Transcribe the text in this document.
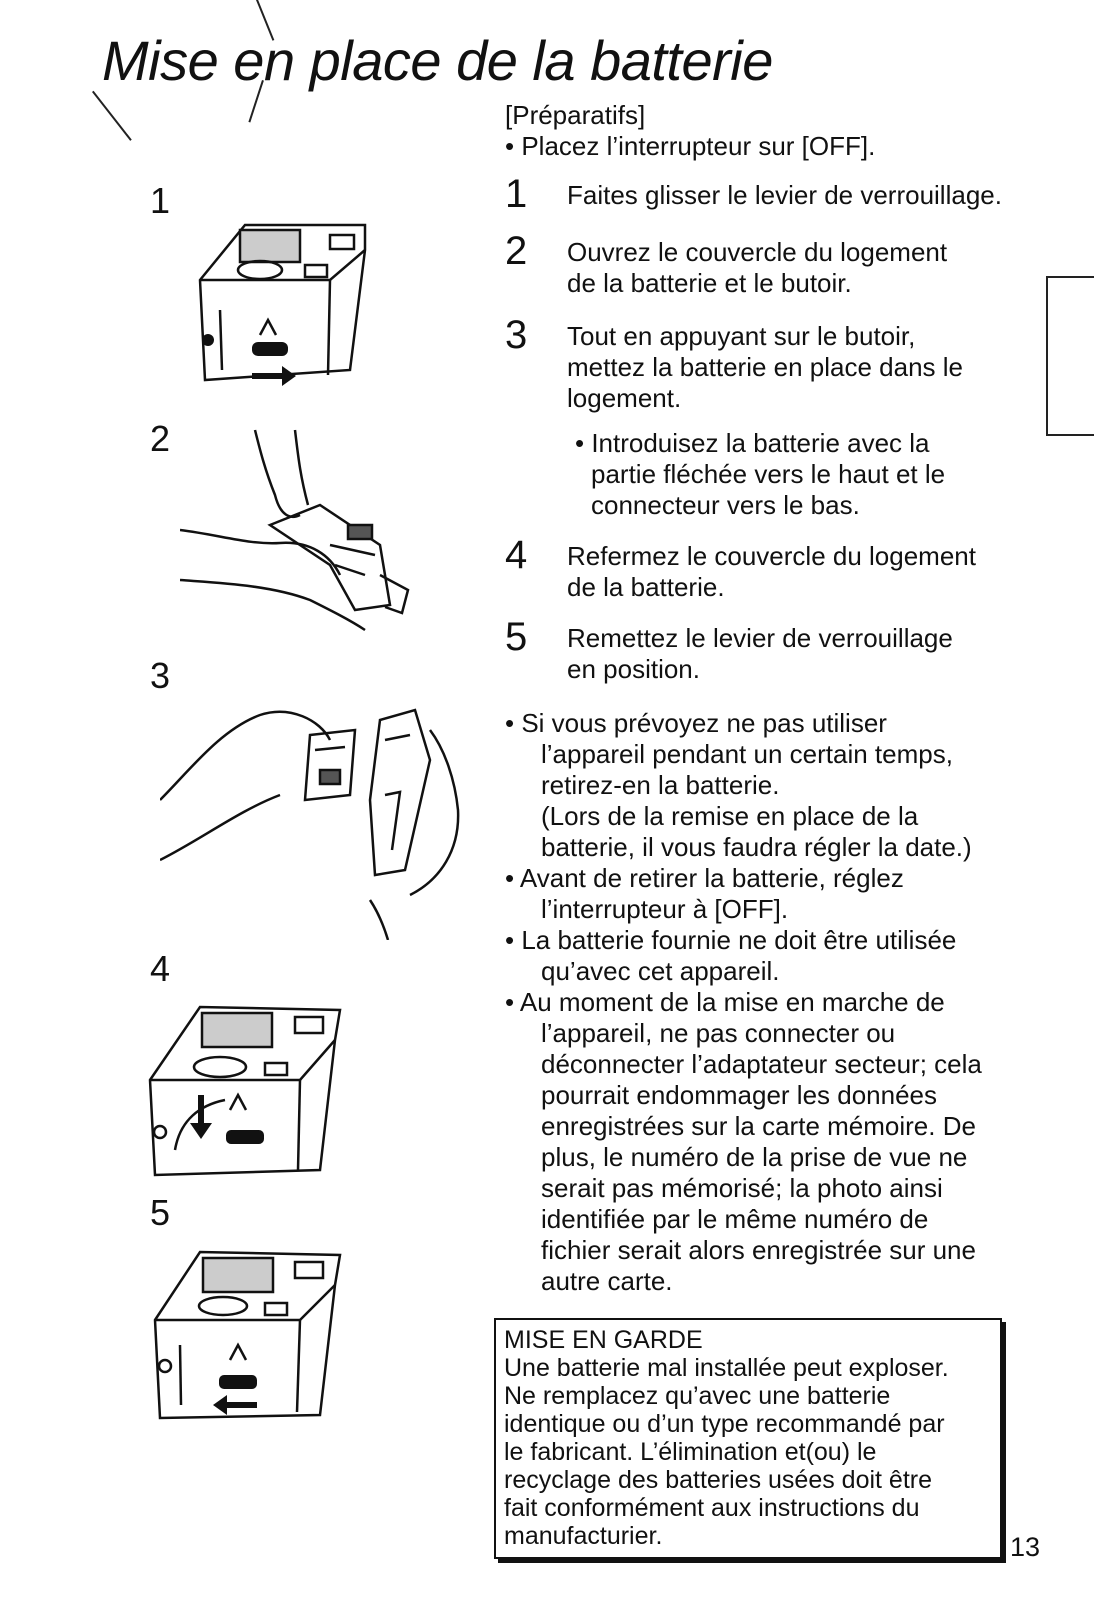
Mise en place de la batterie
[Préparatifs]
• Placez l’interrupteur sur [OFF].
1 Faites glisser le levier de verrouillage.
2 Ouvrez le couvercle du logement
de la batterie et le butoir.
3 Tout en appuyant sur le butoir,
mettez la batterie en place dans le
logement.
• Introduisez la batterie avec la
partie fléchée vers le haut et le
connecteur vers le bas.
4 Refermez le couvercle du logement
de la batterie.
5 Remettez le levier de verrouillage
en position.
• Si vous prévoyez ne pas utiliser
l’appareil pendant un certain temps,
retirez-en la batterie.
(Lors de la remise en place de la
batterie, il vous faudra régler la date.)
• Avant de retirer la batterie, réglez
l’interrupteur à [OFF].
• La batterie fournie ne doit être utilisée
qu’avec cet appareil.
• Au moment de la mise en marche de
l’appareil, ne pas connecter ou
déconnecter l’adaptateur secteur; cela
pourrait endommager les données
enregistrées sur la carte mémoire. De
plus, le numéro de la prise de vue ne
serait pas mémorisé; la photo ainsi
identifiée par le même numéro de
fichier serait alors enregistrée sur une
autre carte.
MISE EN GARDE
Une batterie mal installée peut exploser.
Ne remplacez qu’avec une batterie
identique ou d’un type recommandé par
le fabricant. L’élimination et(ou) le
recyclage des batteries usées doit être
fait conformément aux instructions du
manufacturier.	13
1
2
3
4
5
